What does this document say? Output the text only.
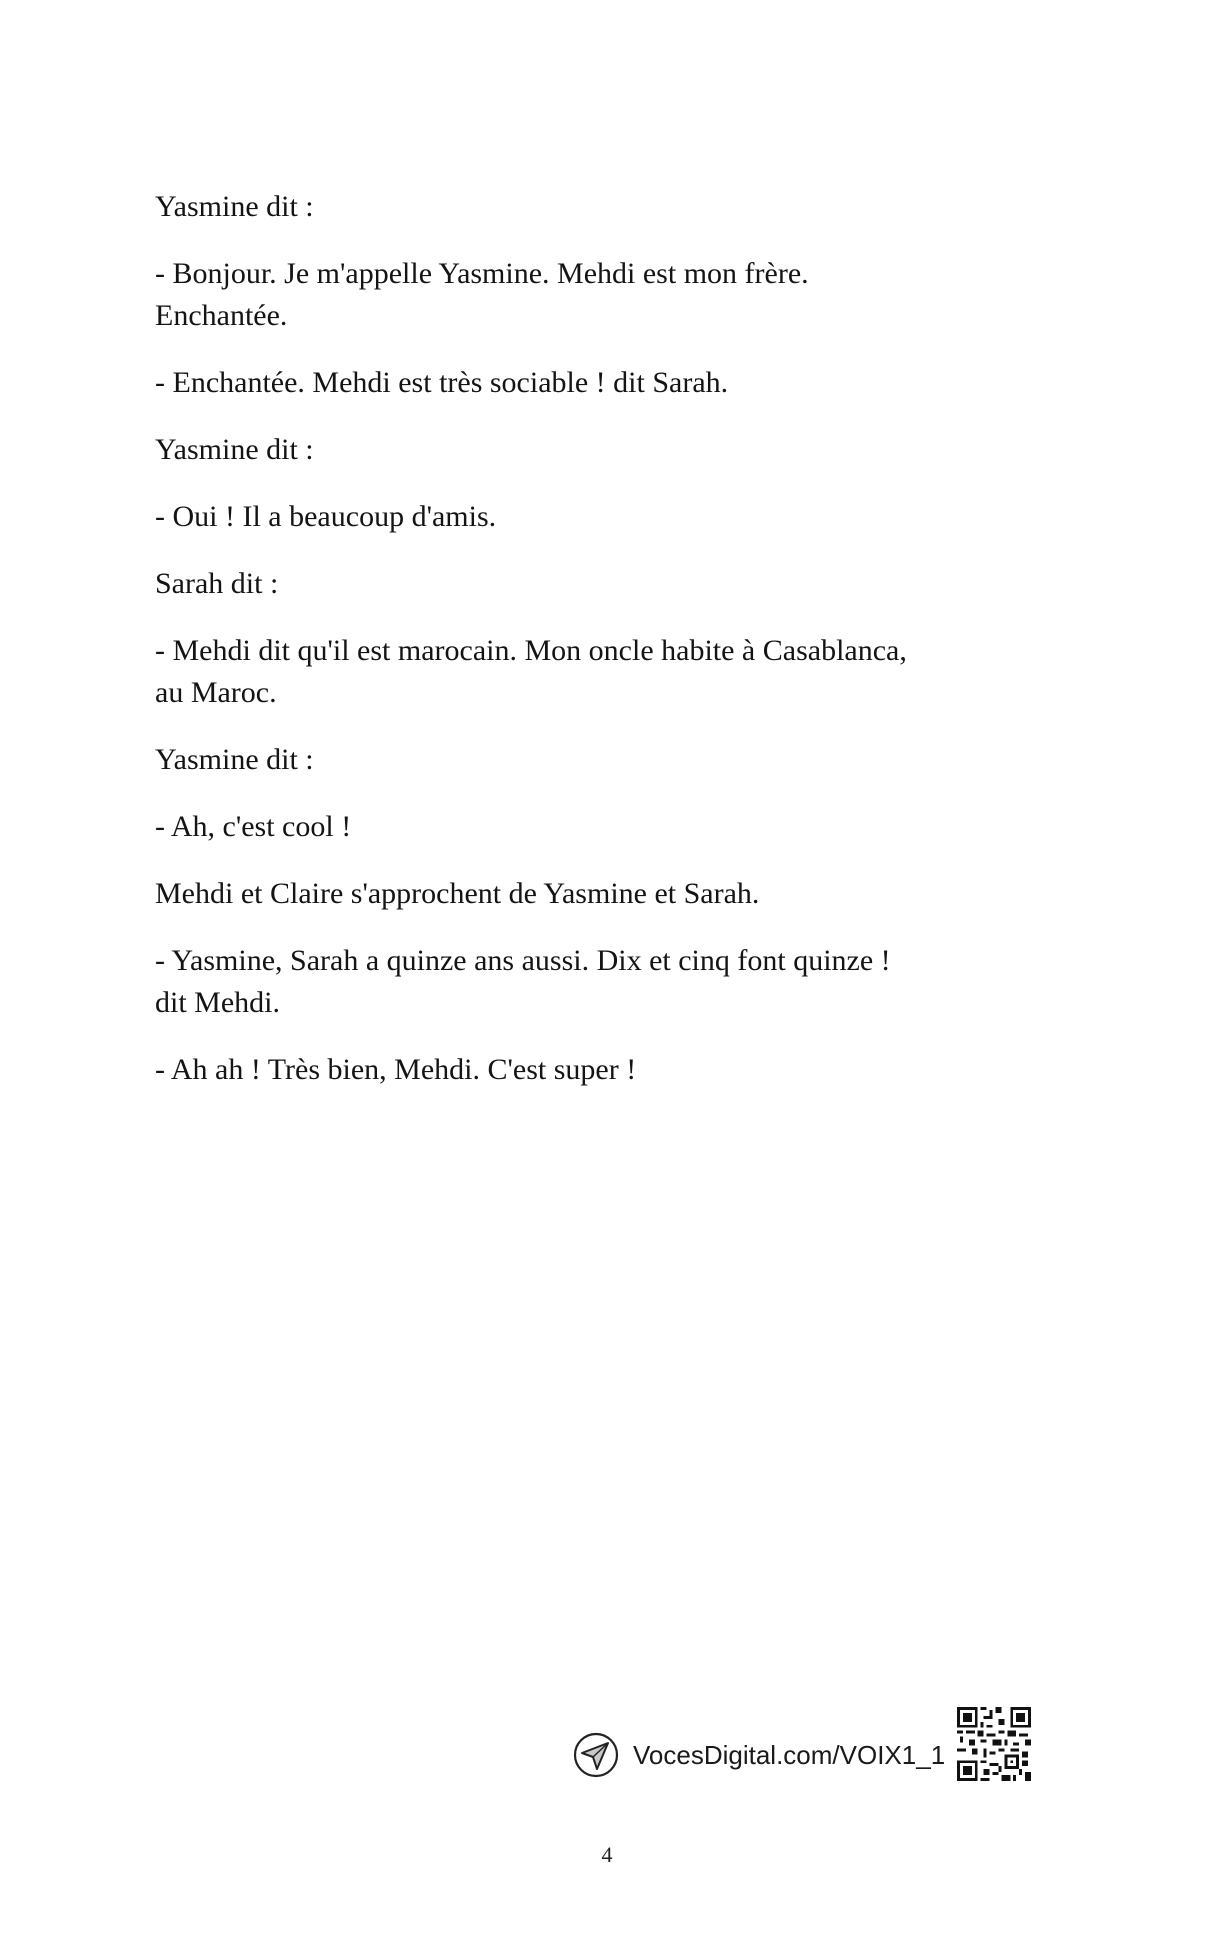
Yasmine dit :

- Bonjour. Je m'appelle Yasmine. Mehdi est mon frère.
Enchantée.

- Enchantée. Mehdi est très sociable ! dit Sarah.

Yasmine dit :

- Oui ! Il a beaucoup d'amis.

Sarah dit :

- Mehdi dit qu'il est marocain. Mon oncle habite à Casablanca,
au Maroc.

Yasmine dit :

- Ah, c'est cool !

Mehdi et Claire s'approchent de Yasmine et Sarah.

- Yasmine, Sarah a quinze ans aussi. Dix et cinq font quinze !
dit Mehdi.

- Ah ah ! Très bien, Mehdi. C'est super !

VocesDigital.com/VOIX1_1
4
